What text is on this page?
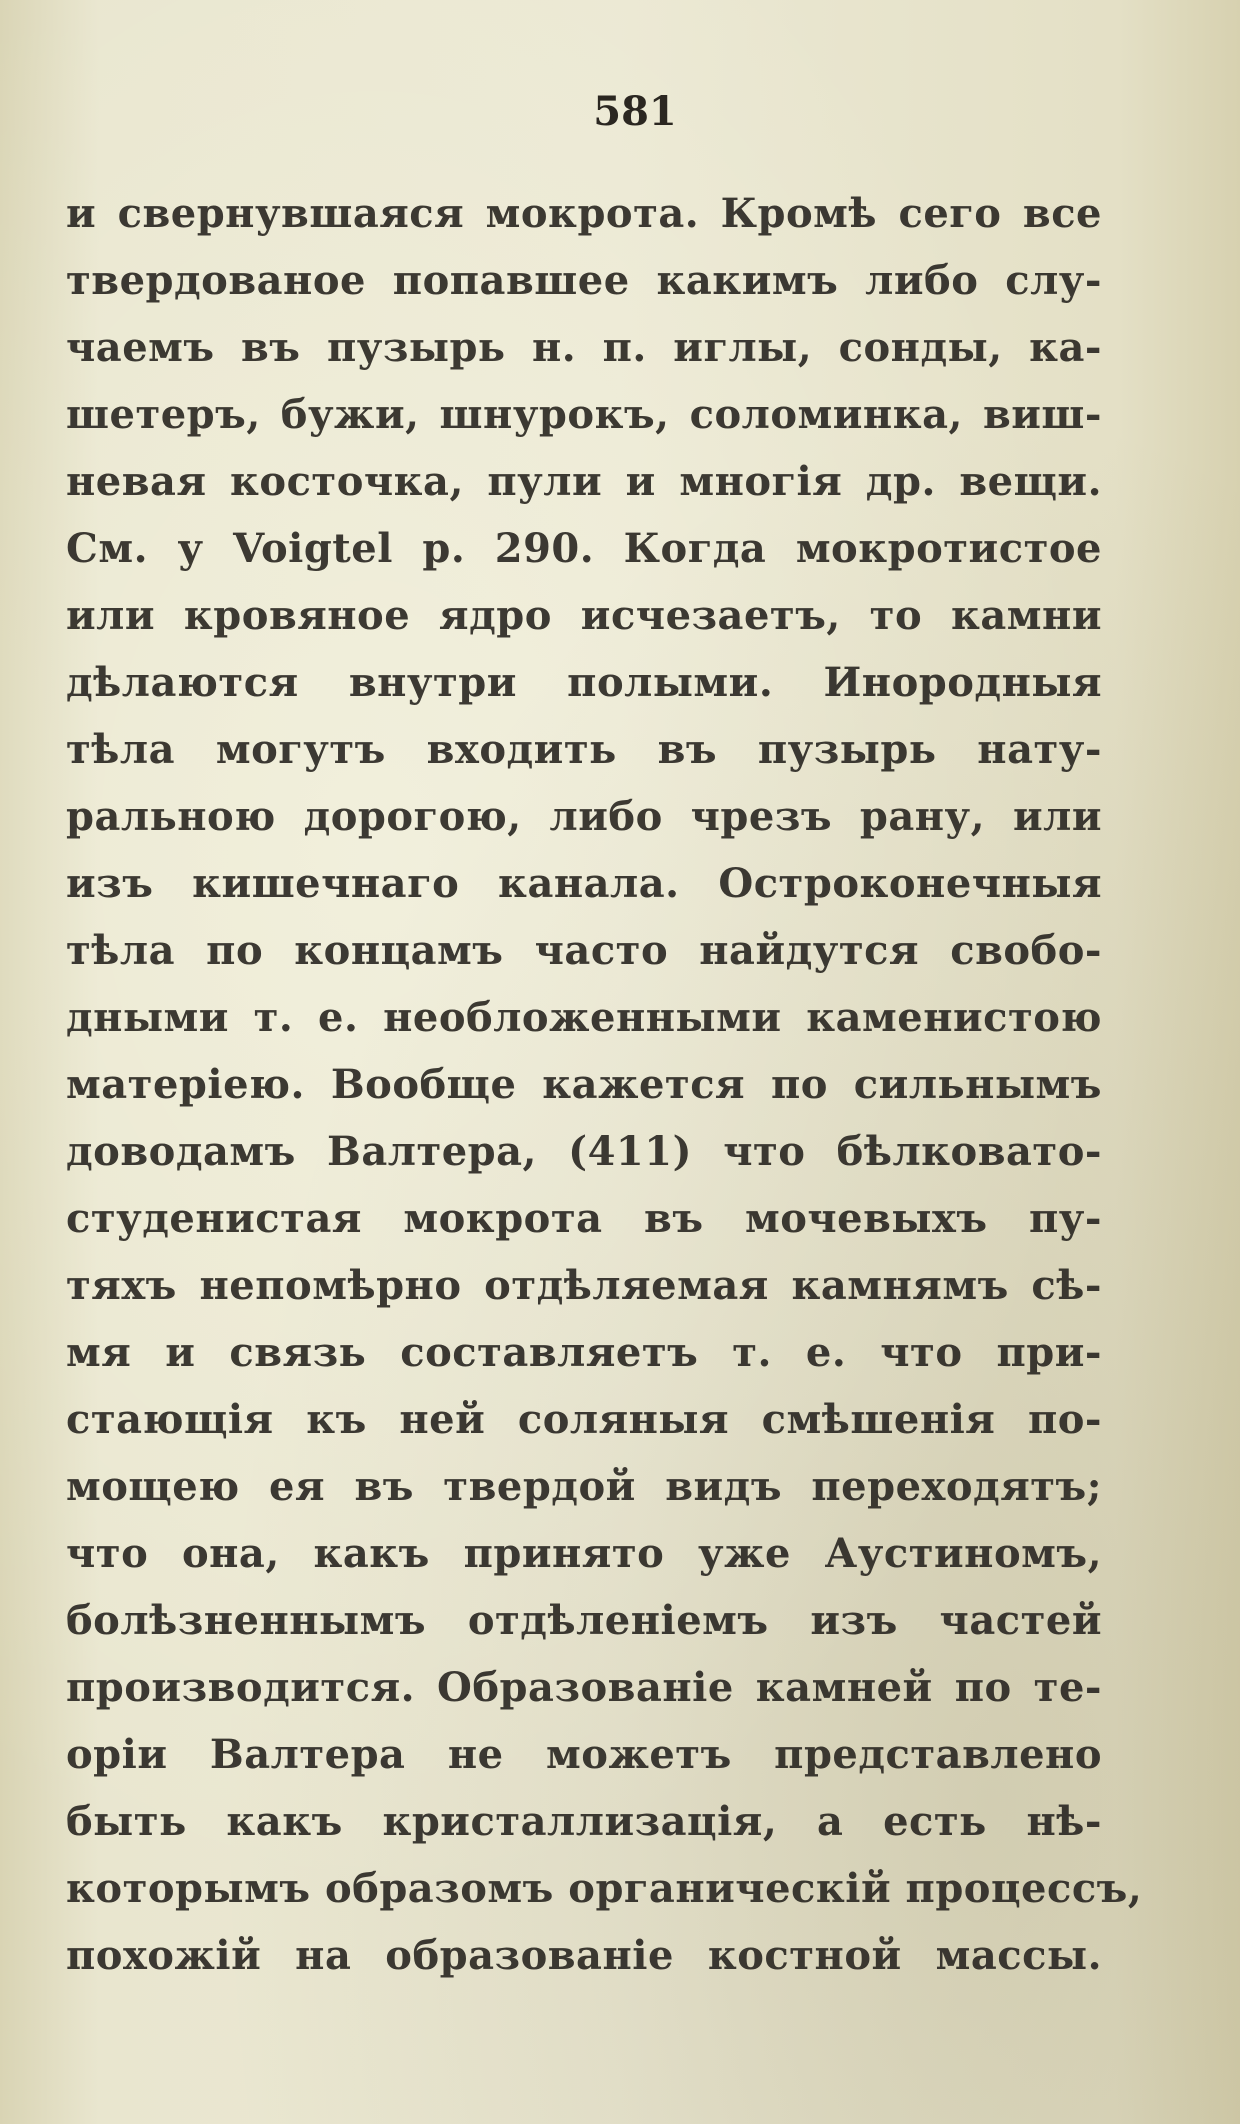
581
и свернувшаяся мокрота. Кромѣ сего все
твердованое попавшее какимъ либо слу-
чаемъ въ пузырь н. п. иглы, сонды, ка-
шетеръ, бужи, шнурокъ, соломинка, виш-
невая косточка, пули и многія др. вещи.
См. у Voigtel р. 290. Когда мокротистое
или кровяное ядро исчезаетъ, то камни
дѣлаются внутри полыми. Инородныя
тѣла могутъ входить въ пузырь нату-
ральною дорогою, либо чрезъ рану, или
изъ кишечнаго канала. Остроконечныя
тѣла по концамъ часто найдутся свобо-
дными т. е. необложенными каменистою
матеріею. Вообще кажется по сильнымъ
доводамъ Валтера, (411) что бѣлковато-
студенистая мокрота въ мочевыхъ пу-
тяхъ непомѣрно отдѣляемая камнямъ сѣ-
мя и связь составляетъ т. е. что при-
стающія къ ней соляныя смѣшенія по-
мощею ея въ твердой видъ переходятъ;
что она, какъ принято уже Аустиномъ,
болѣзненнымъ отдѣленіемъ изъ частей
производится. Образованіе камней по те-
оріи Валтера не можетъ представлено
быть какъ кристаллизація, а есть нѣ-
которымъ образомъ органическій процессъ,
похожій на образованіе костной массы.
